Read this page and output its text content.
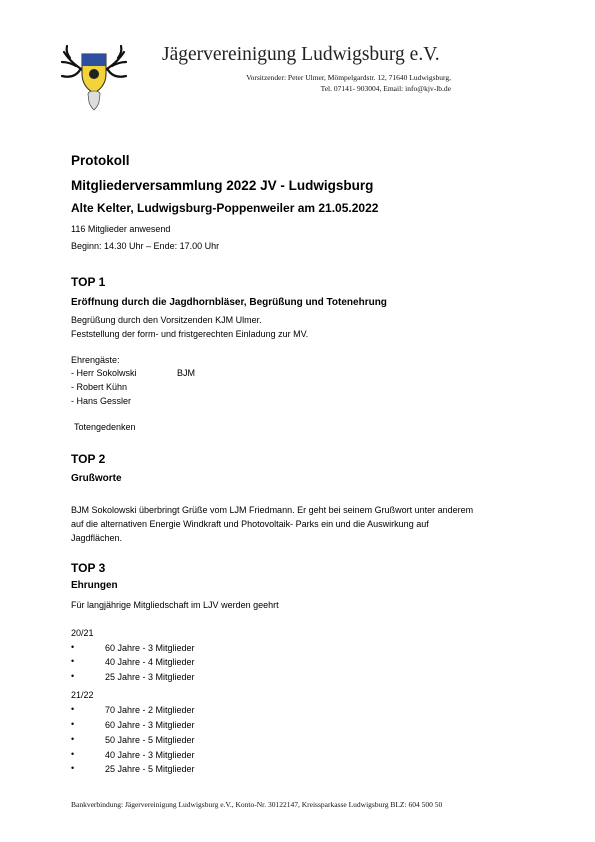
Jägervereinigung Ludwigsburg e.V.
Vorsitzender: Peter Ulmer, Mömpelgardstr. 12, 71640 Ludwigsburg,
Tel. 07141- 903004, Email: info@kjv-lb.de
Protokoll
Mitgliederversammlung 2022 JV - Ludwigsburg
Alte Kelter, Ludwigsburg-Poppenweiler am 21.05.2022
116 Mitglieder anwesend
Beginn: 14.30 Uhr – Ende: 17.00 Uhr
TOP 1
Eröffnung durch die Jagdhornbläser, Begrüßung und Totenehrung
Begrüßung durch den Vorsitzenden KJM Ulmer.
Feststellung der form- und fristgerechten Einladung zur MV.
Ehrengäste:
- Herr Sokolwski	BJM
- Robert Kühn
- Hans Gessler
Totengedenken
TOP 2
Grußworte
BJM Sokolowski überbringt Grüße vom LJM Friedmann. Er geht bei seinem Grußwort unter anderem
auf die alternativen Energie Windkraft und Photovoltaik- Parks ein und die Auswirkung auf
Jagdflächen.
TOP 3
Ehrungen
Für langjährige Mitgliedschaft im LJV werden geehrt
20/21
•	60 Jahre - 3 Mitglieder
•	40 Jahre - 4 Mitglieder
•	25 Jahre - 3 Mitglieder
21/22
•	70 Jahre - 2 Mitglieder
•	60 Jahre - 3 Mitglieder
•	50 Jahre - 5 Mitglieder
•	40 Jahre - 3 Mitglieder
•	25 Jahre - 5 Mitglieder
Bankverbindung: Jägervereinigung Ludwigsburg e.V., Konto-Nr. 30122147, Kreissparkasse Ludwigsburg BLZ: 604 500 50
